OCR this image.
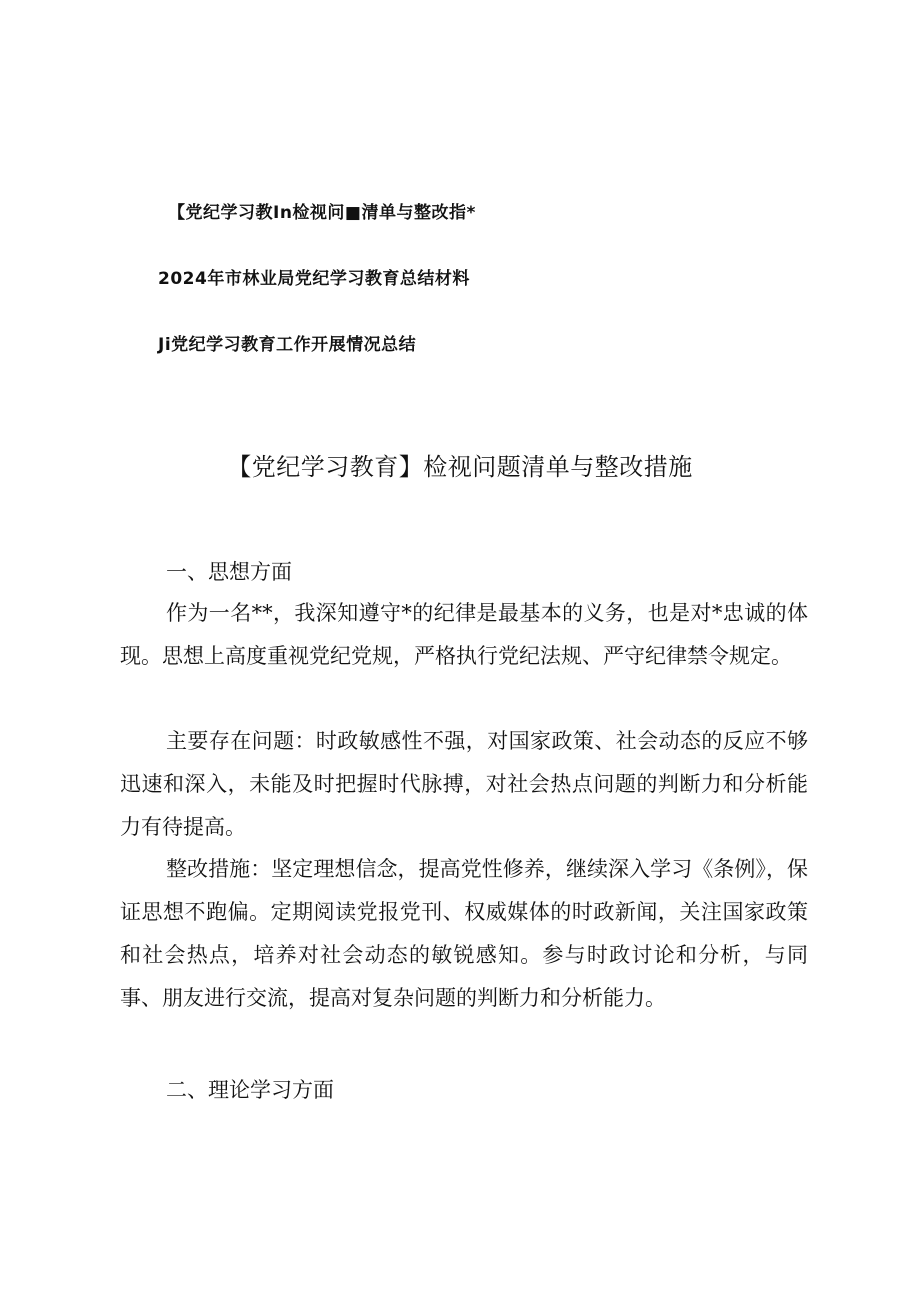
【党纪学习教In检视问■清单与整改指*
2024年市林业局党纪学习教育总结材料
Ji党纪学习教育工作开展情况总结
【党纪学习教育】检视问题清单与整改措施
一、思想方面

作为一名**，我深知遵守*的纪律是最基本的义务，也是对*忠诚的体现。思想上高度重视党纪党规，严格执行党纪法规、严守纪律禁令规定。

主要存在问题：时政敏感性不强，对国家政策、社会动态的反应不够迅速和深入，未能及时把握时代脉搏，对社会热点问题的判断力和分析能力有待提高。

整改措施：坚定理想信念，提高党性修养，继续深入学习《条例》，保证思想不跑偏。定期阅读党报党刊、权威媒体的时政新闻，关注国家政策和社会热点，培养对社会动态的敏锐感知。参与时政讨论和分析，与同事、朋友进行交流，提高对复杂问题的判断力和分析能力。

二、理论学习方面
